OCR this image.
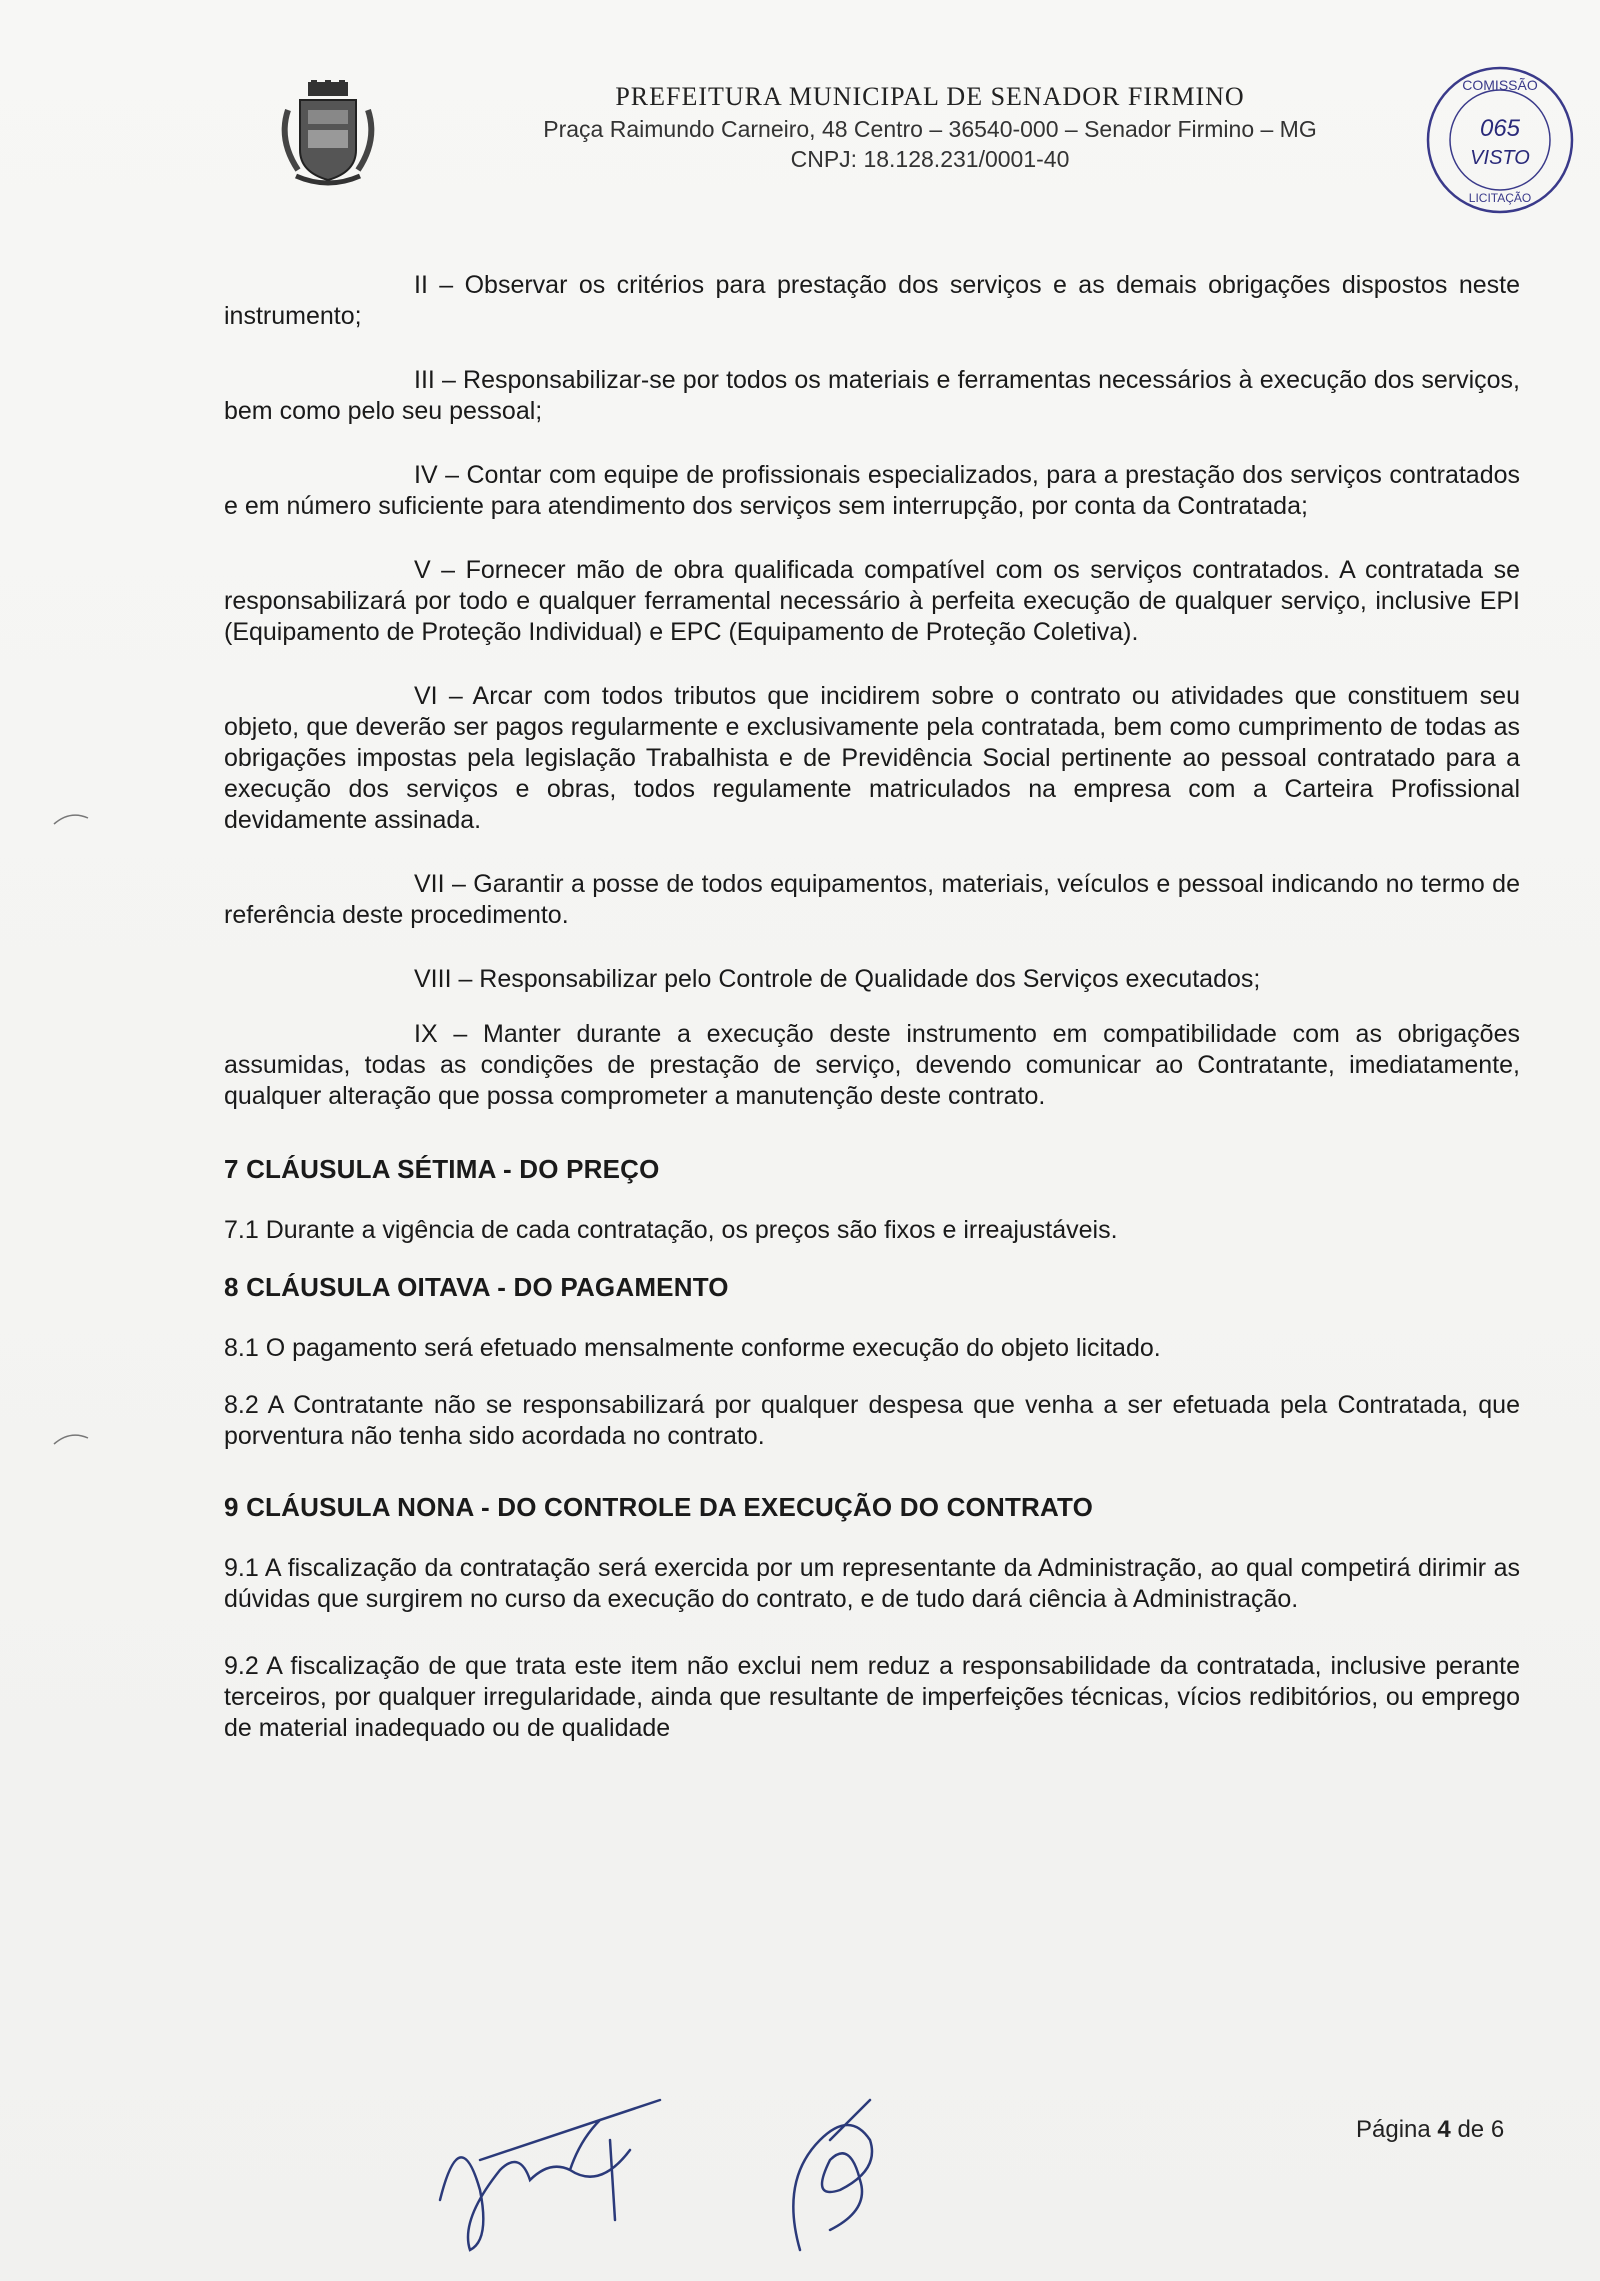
PREFEITURA MUNICIPAL DE SENADOR FIRMINO

Praça Raimundo Carneiro, 48 Centro – 36540-000 – Senador Firmino – MG

CNPJ: 18.128.231/0001-40

COMISSÃO
065
VISTO
LICITAÇÃO

II – Observar os critérios para prestação dos serviços e as demais obrigações dispostos neste instrumento;

III – Responsabilizar-se por todos os materiais e ferramentas necessários à execução dos serviços, bem como pelo seu pessoal;

IV – Contar com equipe de profissionais especializados, para a prestação dos serviços contratados e em número suficiente para atendimento dos serviços sem interrupção, por conta da Contratada;

V – Fornecer mão de obra qualificada compatível com os serviços contratados. A contratada se responsabilizará por todo e qualquer ferramental necessário à perfeita execução de qualquer serviço, inclusive EPI (Equipamento de Proteção Individual) e EPC (Equipamento de Proteção Coletiva).

VI – Arcar com todos tributos que incidirem sobre o contrato ou atividades que constituem seu objeto, que deverão ser pagos regularmente e exclusivamente pela contratada, bem como cumprimento de todas as obrigações impostas pela legislação Trabalhista e de Previdência Social pertinente ao pessoal contratado para a execução dos serviços e obras, todos regulamente matriculados na empresa com a Carteira Profissional devidamente assinada.

VII – Garantir a posse de todos equipamentos, materiais, veículos e pessoal indicando no termo de referência deste procedimento.

VIII – Responsabilizar pelo Controle de Qualidade dos Serviços executados;

IX – Manter durante a execução deste instrumento em compatibilidade com as obrigações assumidas, todas as condições de prestação de serviço, devendo comunicar ao Contratante, imediatamente, qualquer alteração que possa comprometer a manutenção deste contrato.

7 CLÁUSULA SÉTIMA - DO PREÇO

7.1 Durante a vigência de cada contratação, os preços são fixos e irreajustáveis.

8 CLÁUSULA OITAVA - DO PAGAMENTO

8.1 O pagamento será efetuado mensalmente conforme execução do objeto licitado.

8.2 A Contratante não se responsabilizará por qualquer despesa que venha a ser efetuada pela Contratada, que porventura não tenha sido acordada no contrato.

9 CLÁUSULA NONA - DO CONTROLE DA EXECUÇÃO DO CONTRATO

9.1 A fiscalização da contratação será exercida por um representante da Administração, ao qual competirá dirimir as dúvidas que surgirem no curso da execução do contrato, e de tudo dará ciência à Administração.

9.2 A fiscalização de que trata este item não exclui nem reduz a responsabilidade da contratada, inclusive perante terceiros, por qualquer irregularidade, ainda que resultante de imperfeições técnicas, vícios redibitórios, ou emprego de material inadequado ou de qualidade

Página 4 de 6
